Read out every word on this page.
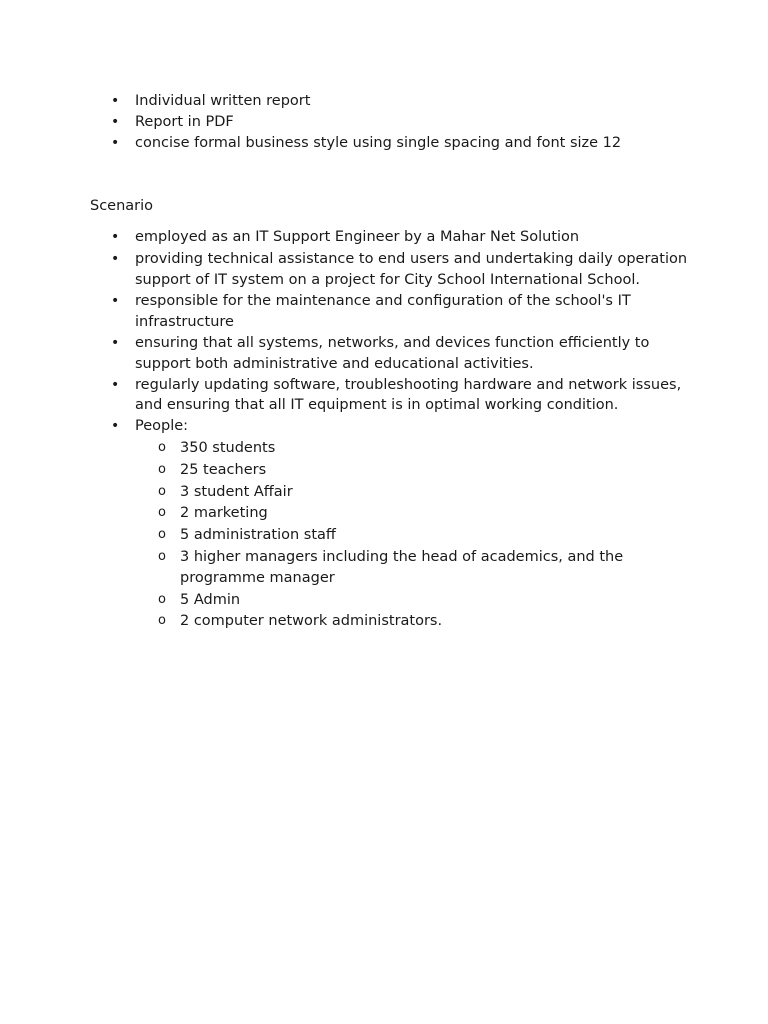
• Individual written report
• Report in PDF
• concise formal business style using single spacing and font size 12

Scenario

• employed as an IT Support Engineer by a Mahar Net Solution
• providing technical assistance to end users and undertaking daily operation support of IT system on a project for City School International School.
• responsible for the maintenance and configuration of the school's IT infrastructure
• ensuring that all systems, networks, and devices function efficiently to support both administrative and educational activities.
• regularly updating software, troubleshooting hardware and network issues, and ensuring that all IT equipment is in optimal working condition.
• People:
o 350 students
o 25 teachers
o 3 student Affair
o 2 marketing
o 5 administration staff
o 3 higher managers including the head of academics, and the programme manager
o 5 Admin
o 2 computer network administrators.
